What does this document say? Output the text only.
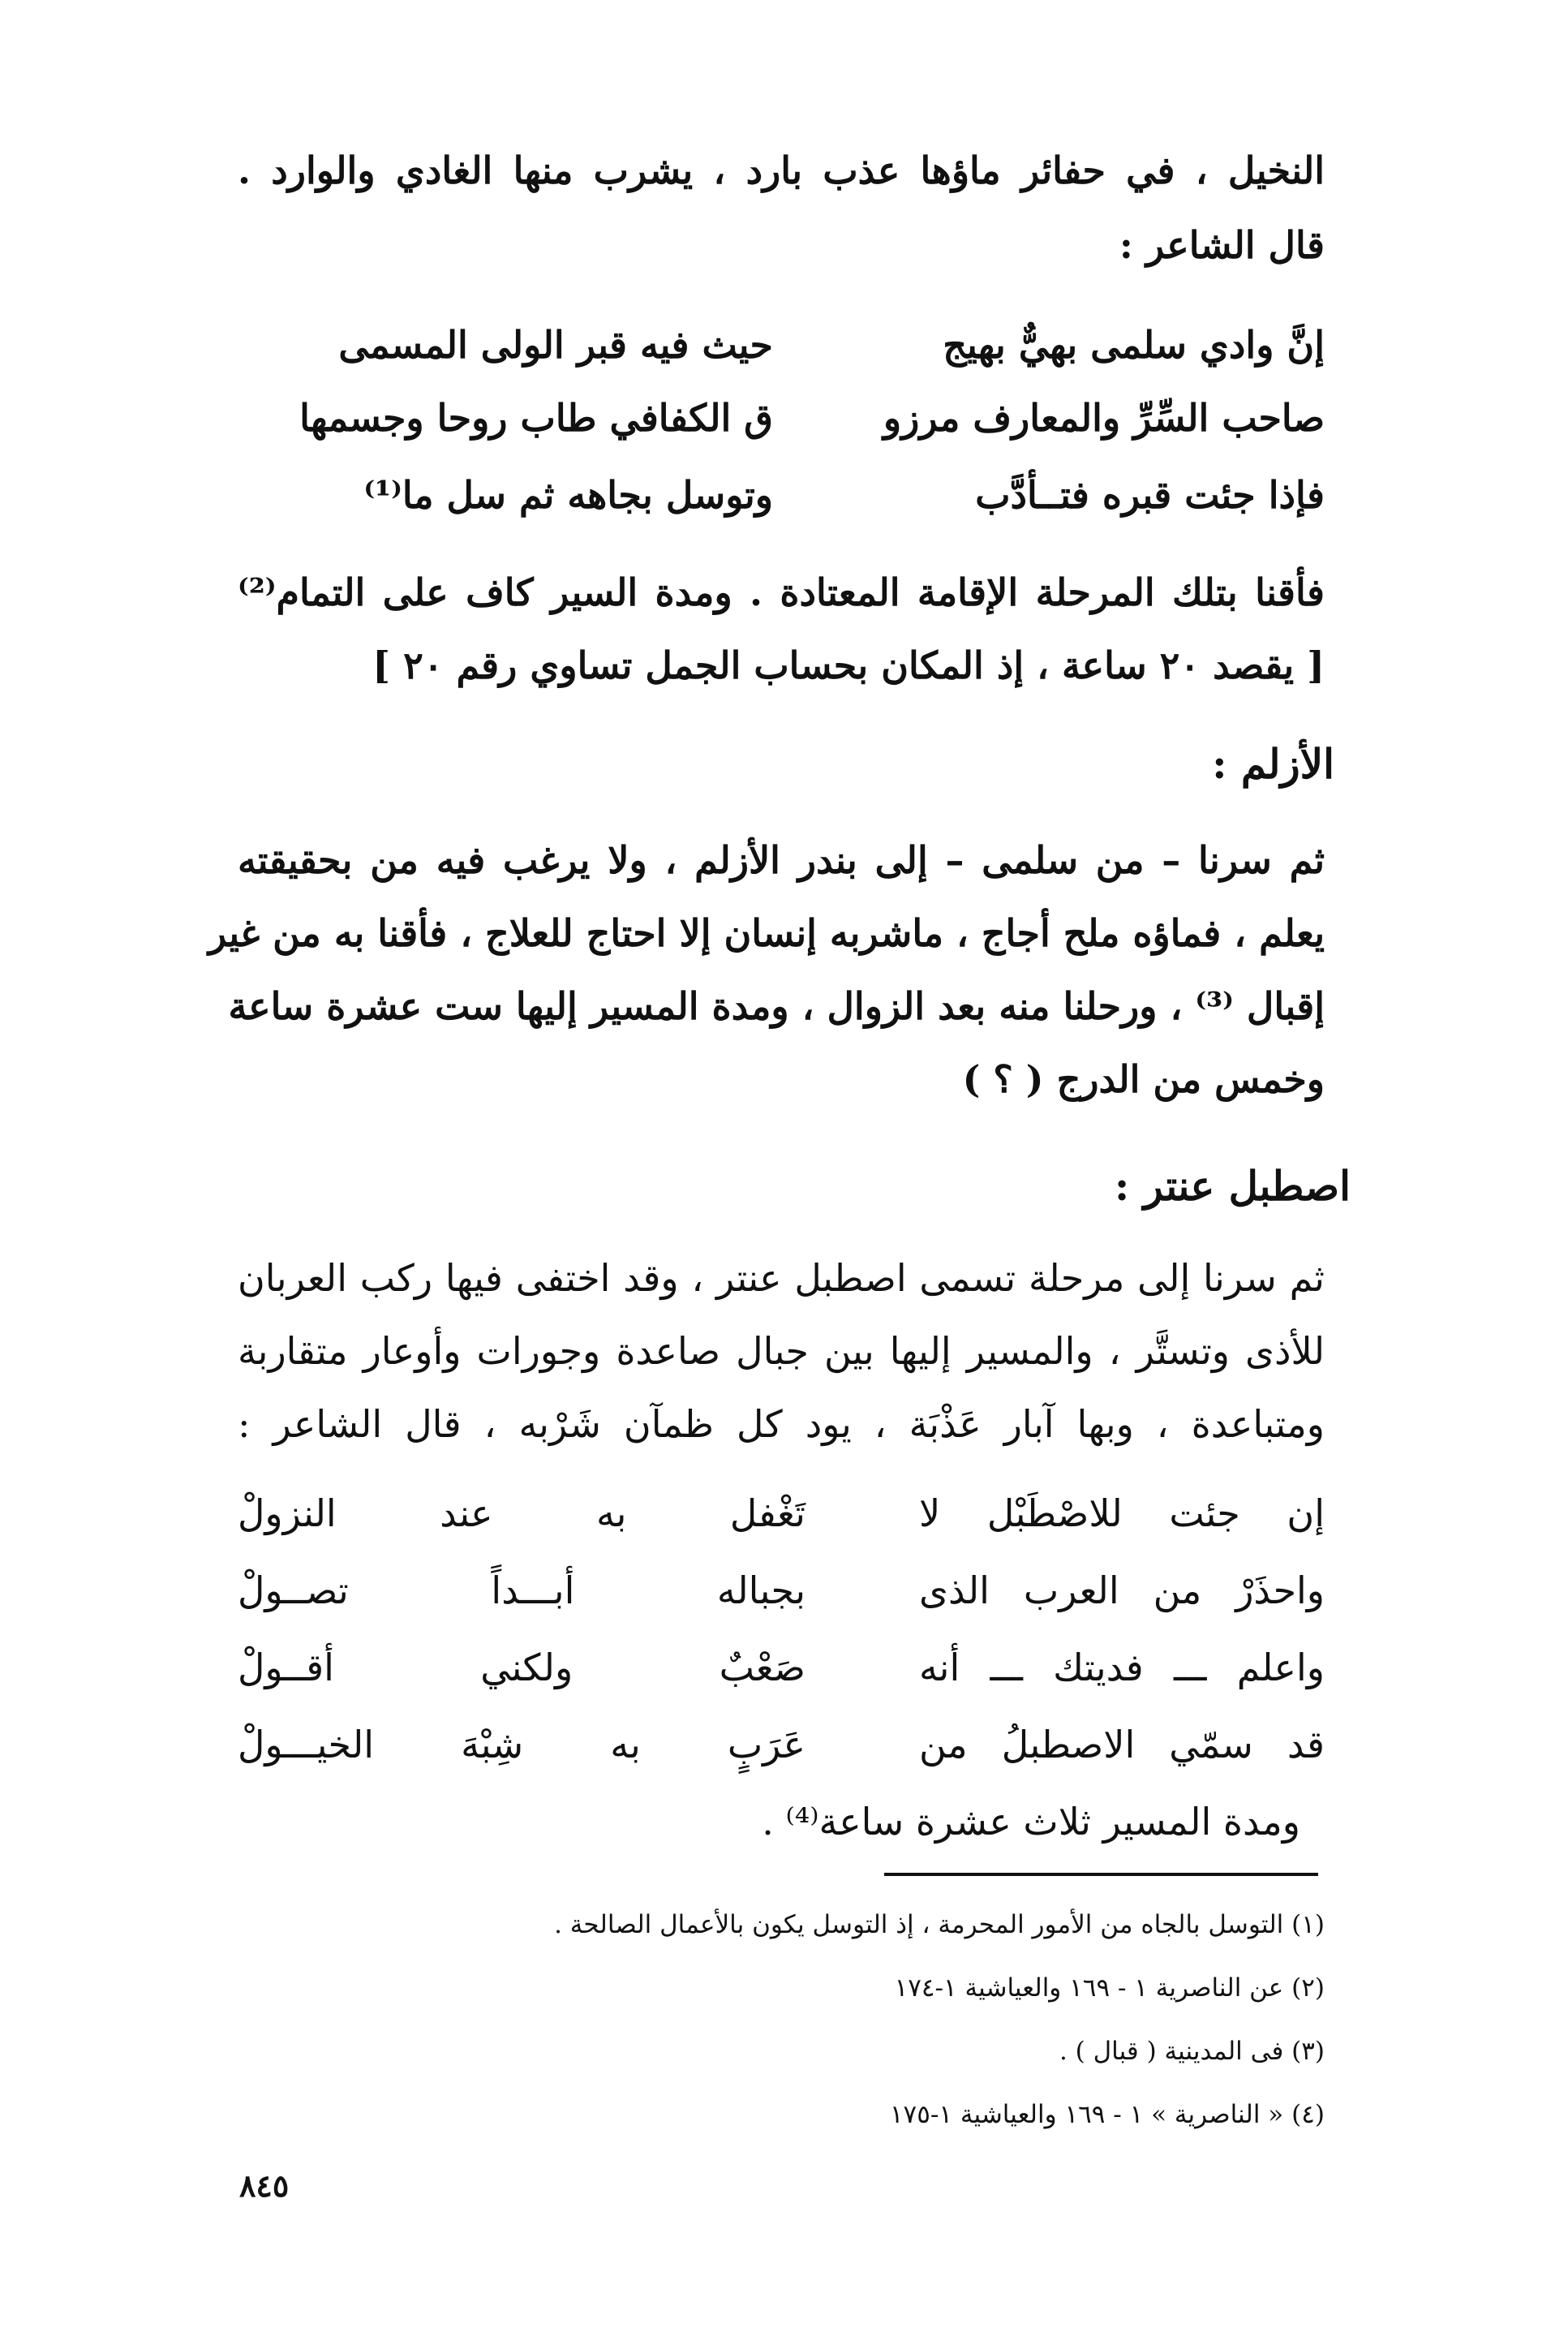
النخيل ، في حفائر ماؤها عذب بارد ، يشرب منها الغادي والوارد .
قال الشاعر :
إنَّ وادي سلمى بهيٌّ بهيج
حيث فيه قبر الولى المسمى
صاحب السِّرِّ والمعارف مرزو
ق الكفافي طاب روحا وجسمها
فإذا جئت قبره فتــأدَّب
وتوسل بجاهه ثم سل ما⁽¹⁾
فأقنا بتلك المرحلة الإقامة المعتادة . ومدة السير كاف على التمام⁽²⁾
[ يقصد ٢٠ ساعة ، إذ المكان بحساب الجمل تساوي رقم ٢٠ ]
الأزلم :
ثم سرنا – من سلمى – إلى بندر الأزلم ، ولا يرغب فيه من بحقيقته
يعلم ، فماؤه ملح أجاج ، ماشربه إنسان إلا احتاج للعلاج ، فأقنا به من غير
إقبال ⁽³⁾ ، ورحلنا منه بعد الزوال ، ومدة المسير إليها ست عشرة ساعة
وخمس من الدرج ( ؟ )
اصطبل عنتر :
ثم سرنا إلى مرحلة تسمى اصطبل عنتر ، وقد اختفى فيها ركب العربان
للأذى وتستَّر ، والمسير إليها بين جبال صاعدة وجورات وأوعار متقاربة
ومتباعدة ، وبها آبار عَذْبَة ، يود كل ظمآن شَرْبه ، قال الشاعر :
إن جئت للاصْطَبْل لا
تَغْفل به عند النزولْ
واحذَرْ من العرب الذى
بجباله أبـــداً تصــولْ
واعلم ـــ فديتك ـــ أنه
صَعْبٌ ولكني أقــولْ
قد سمّي الاصطبلُ من
عَرَبٍ به شِبْهَ الخيـــولْ
ومدة المسير ثلاث عشرة ساعة⁽⁴⁾ .
(١) التوسل بالجاه من الأمور المحرمة ، إذ التوسل يكون بالأعمال الصالحة .
(٢) عن الناصرية ١ - ١٦٩ والعياشية ١-١٧٤
(٣) فى المدينية ( قبال ) .
(٤) « الناصرية » ١ - ١٦٩ والعياشية ١-١٧٥
٨٤٥
